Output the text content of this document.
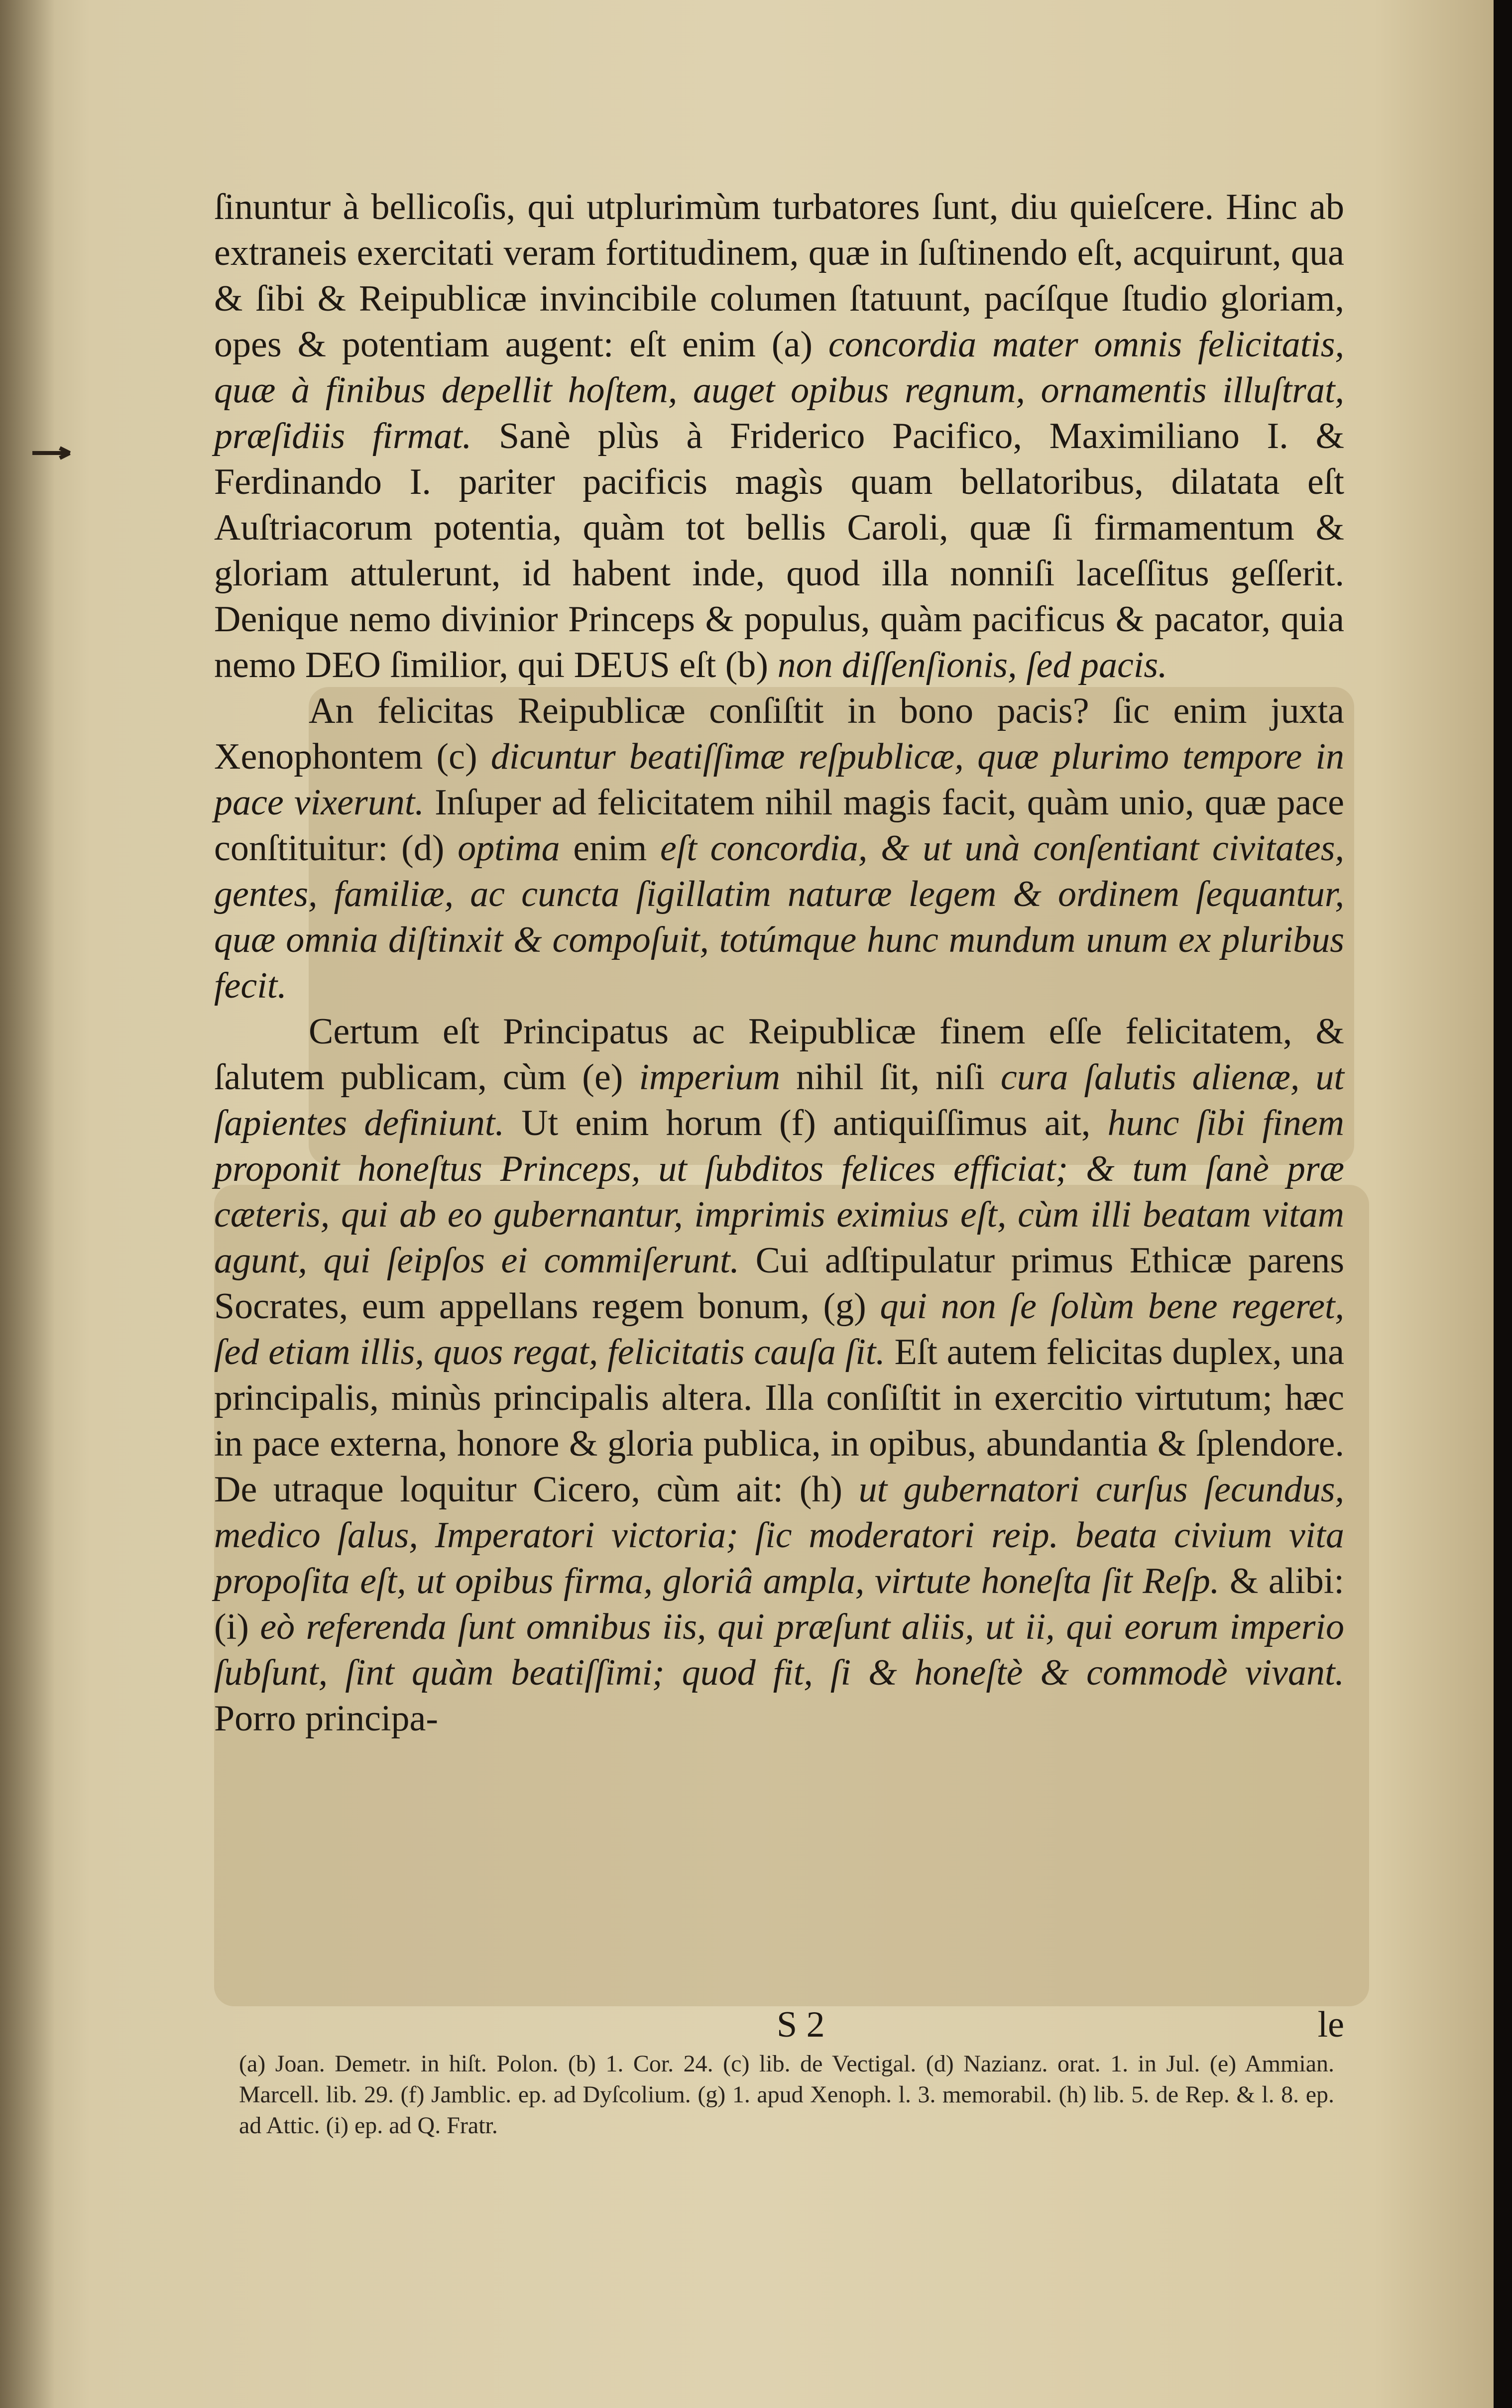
ſinuntur à bellicoſis, qui utplurimùm turbatores ſunt, diu quieſcere. Hinc ab extraneis exercitati veram fortitudinem, quæ in ſuſtinendo eſt, acquirunt, qua & ſibi & Reipublicæ invincibile columen ſtatuunt, pacíſque ſtudio gloriam, opes & potentiam augent: eſt enim (a) concordia mater omnis felicitatis, quæ à finibus depellit hoſtem, auget opibus regnum, ornamentis illuſtrat, præſidiis firmat. Sanè plùs à Friderico Pacifico, Maximiliano I. & Ferdinando I. pariter pacificis magìs quam bellatoribus, dilatata eſt Auſtriacorum potentia, quàm tot bellis Caroli, quæ ſi firmamentum & gloriam attulerunt, id habent inde, quod illa nonniſi laceſſitus geſſerit. Denique nemo divinior Princeps & populus, quàm pacificus & pacator, quia nemo DEO ſimilior, qui DEUS eſt (b) non diſſenſionis, ſed pacis.

An felicitas Reipublicæ conſiſtit in bono pacis? ſic enim juxta Xenophontem (c) dicuntur beatiſſimæ reſpublicæ, quæ plurimo tempore in pace vixerunt. Inſuper ad felicitatem nihil magis facit, quàm unio, quæ pace conſtituitur: (d) optima enim eſt concordia, & ut unà conſentiant civitates, gentes, familiæ, ac cuncta ſigillatim naturæ legem & ordinem ſequantur, quæ omnia diſtinxit & compoſuit, totúmque hunc mundum unum ex pluribus fecit.

Certum eſt Principatus ac Reipublicæ finem eſſe felicitatem, & ſalutem publicam, cùm (e) imperium nihil ſit, niſi cura ſalutis alienæ, ut ſapientes definiunt. Ut enim horum (f) antiquiſſimus ait, hunc ſibi finem proponit honeſtus Princeps, ut ſubditos felices efficiat; & tum ſanè præ cæteris, qui ab eo gubernantur, imprimis eximius eſt, cùm illi beatam vitam agunt, qui ſeipſos ei commiſerunt. Cui adſtipulatur primus Ethicæ parens Socrates, eum appellans regem bonum, (g) qui non ſe ſolùm bene regeret, ſed etiam illis, quos regat, felicitatis cauſa ſit. Eſt autem felicitas duplex, una principalis, minùs principalis altera. Illa conſiſtit in exercitio virtutum; hæc in pace externa, honore & gloria publica, in opibus, abundantia & ſplendore. De utraque loquitur Cicero, cùm ait: (h) ut gubernatori curſus ſecundus, medico ſalus, Imperatori victoria; ſic moderatori reip. beata civium vita propoſita eſt, ut opibus firma, gloriâ ampla, virtute honeſta ſit Reſp. & alibi: (i) eò referenda ſunt omnibus iis, qui præſunt aliis, ut ii, qui eorum imperio ſubſunt, ſint quàm beatiſſimi; quod fit, ſi & honeſtè & commodè vivant. Porro principa-

S 2	le
(a) Joan. Demetr. in hiſt. Polon. (b) 1. Cor. 24. (c) lib. de Vectigal. (d) Nazianz. orat. 1. in Jul. (e) Ammian. Marcell. lib. 29. (f) Jamblic. ep. ad Dyſcolium. (g) 1. apud Xenoph. l. 3. memorabil. (h) lib. 5. de Rep. & l. 8. ep. ad Attic. (i) ep. ad Q. Fratr.
